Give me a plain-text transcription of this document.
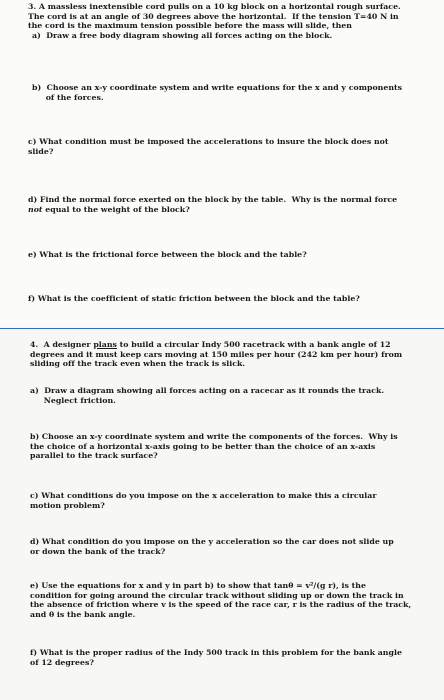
3. A massless inextensible cord pulls on a 10 kg block on a horizontal rough surface.
The cord is at an angle of 30 degrees above the horizontal.  If the tension T=40 N in
the cord is the maximum tension possible before the mass will slide, then

a)  Draw a free body diagram showing all forces acting on the block.

b)  Choose an x-y coordinate system and write equations for the x and y components
of the forces.

c) What condition must be imposed the accelerations to insure the block does not
slide?

d) Find the normal force exerted on the block by the table.  Why is the normal force
not equal to the weight of the block?

e) What is the frictional force between the block and the table?

f) What is the coefficient of static friction between the block and the table?

4.  A designer plans to build a circular Indy 500 racetrack with a bank angle of 12
degrees and it must keep cars moving at 150 miles per hour (242 km per hour) from
sliding off the track even when the track is slick.

a)  Draw a diagram showing all forces acting on a racecar as it rounds the track.
Neglect friction.

b) Choose an x-y coordinate system and write the components of the forces.  Why is
the choice of a horizontal x-axis going to be better than the choice of an x-axis
parallel to the track surface?

c) What conditions do you impose on the x acceleration to make this a circular
motion problem?

d) What condition do you impose on the y acceleration so the car does not slide up
or down the bank of the track?

e) Use the equations for x and y in part b) to show that tanθ = v²/(g r), is the
condition for going around the circular track without sliding up or down the track in
the absence of friction where v is the speed of the race car, r is the radius of the track,
and θ is the bank angle.

f) What is the proper radius of the Indy 500 track in this problem for the bank angle
of 12 degrees?
